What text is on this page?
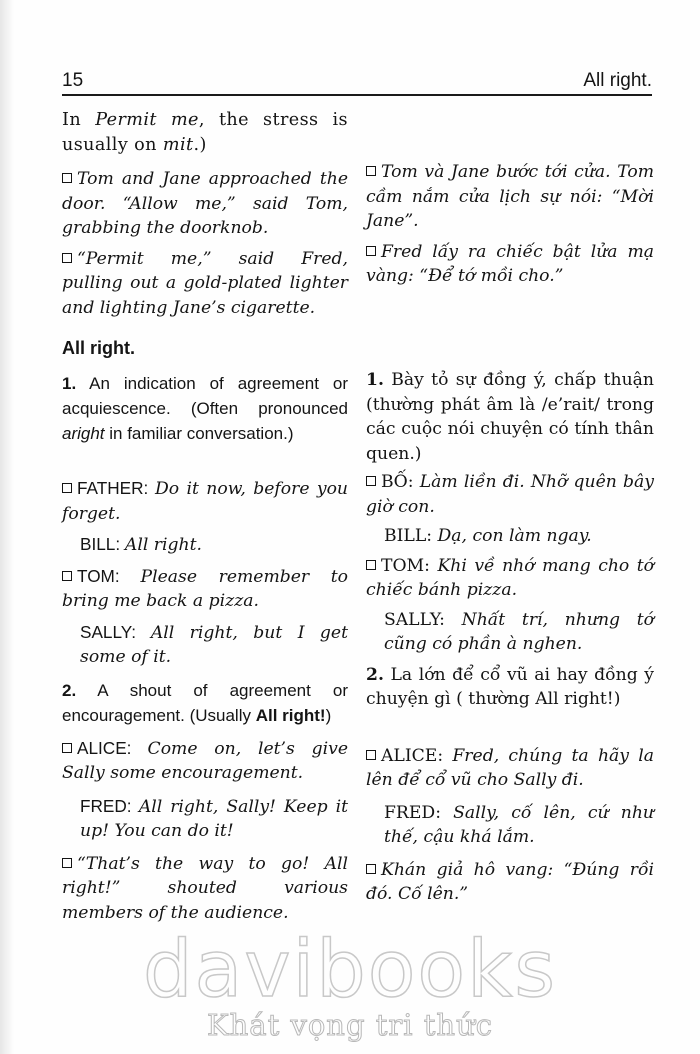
15	All right.

In Permit me, the stress is usually on mit.)

Tom and Jane approached the door. “Allow me,” said Tom, grabbing the doorknob.

“Permit me,” said Fred, pulling out a gold-plated lighter and lighting Jane’s cigarette.

All right.

1. An indication of agreement or acquiescence. (Often pronounced aright in familiar conversation.)

FATHER: Do it now, before you forget.

BILL: All right.

TOM: Please remember to bring me back a pizza.

SALLY: All right, but I get some of it.

2. A shout of agreement or encouragement. (Usually All right!)

ALICE: Come on, let’s give Sally some encouragement.

FRED: All right, Sally! Keep it up! You can do it!

“That’s the way to go! All right!” shouted various members of the audience.

Tom và Jane bước tới cửa. Tom cầm nắm cửa lịch sự nói: “Mời Jane”.

Fred lấy ra chiếc bật lửa mạ vàng: “Để tớ mồi cho.”

1. Bày tỏ sự đồng ý, chấp thuận (thường phát âm là /e’rait/ trong các cuộc nói chuyện có tính thân quen.)

BỐ: Làm liền đi. Nhỡ quên bây giờ con.

BILL: Dạ, con làm ngay.

TOM: Khi về nhớ mang cho tớ chiếc bánh pizza.

SALLY: Nhất trí, nhưng tớ cũng có phần à nghen.

2. La lớn để cổ vũ ai hay đồng ý chuyện gì ( thường All right!)

ALICE: Fred, chúng ta hãy la lên để cổ vũ cho Sally đi.

FRED: Sally, cố lên, cứ như thế, cậu khá lắm.

Khán giả hô vang: “Đúng rồi đó. Cố lên.”

davibooks
Khát vọng tri thức
